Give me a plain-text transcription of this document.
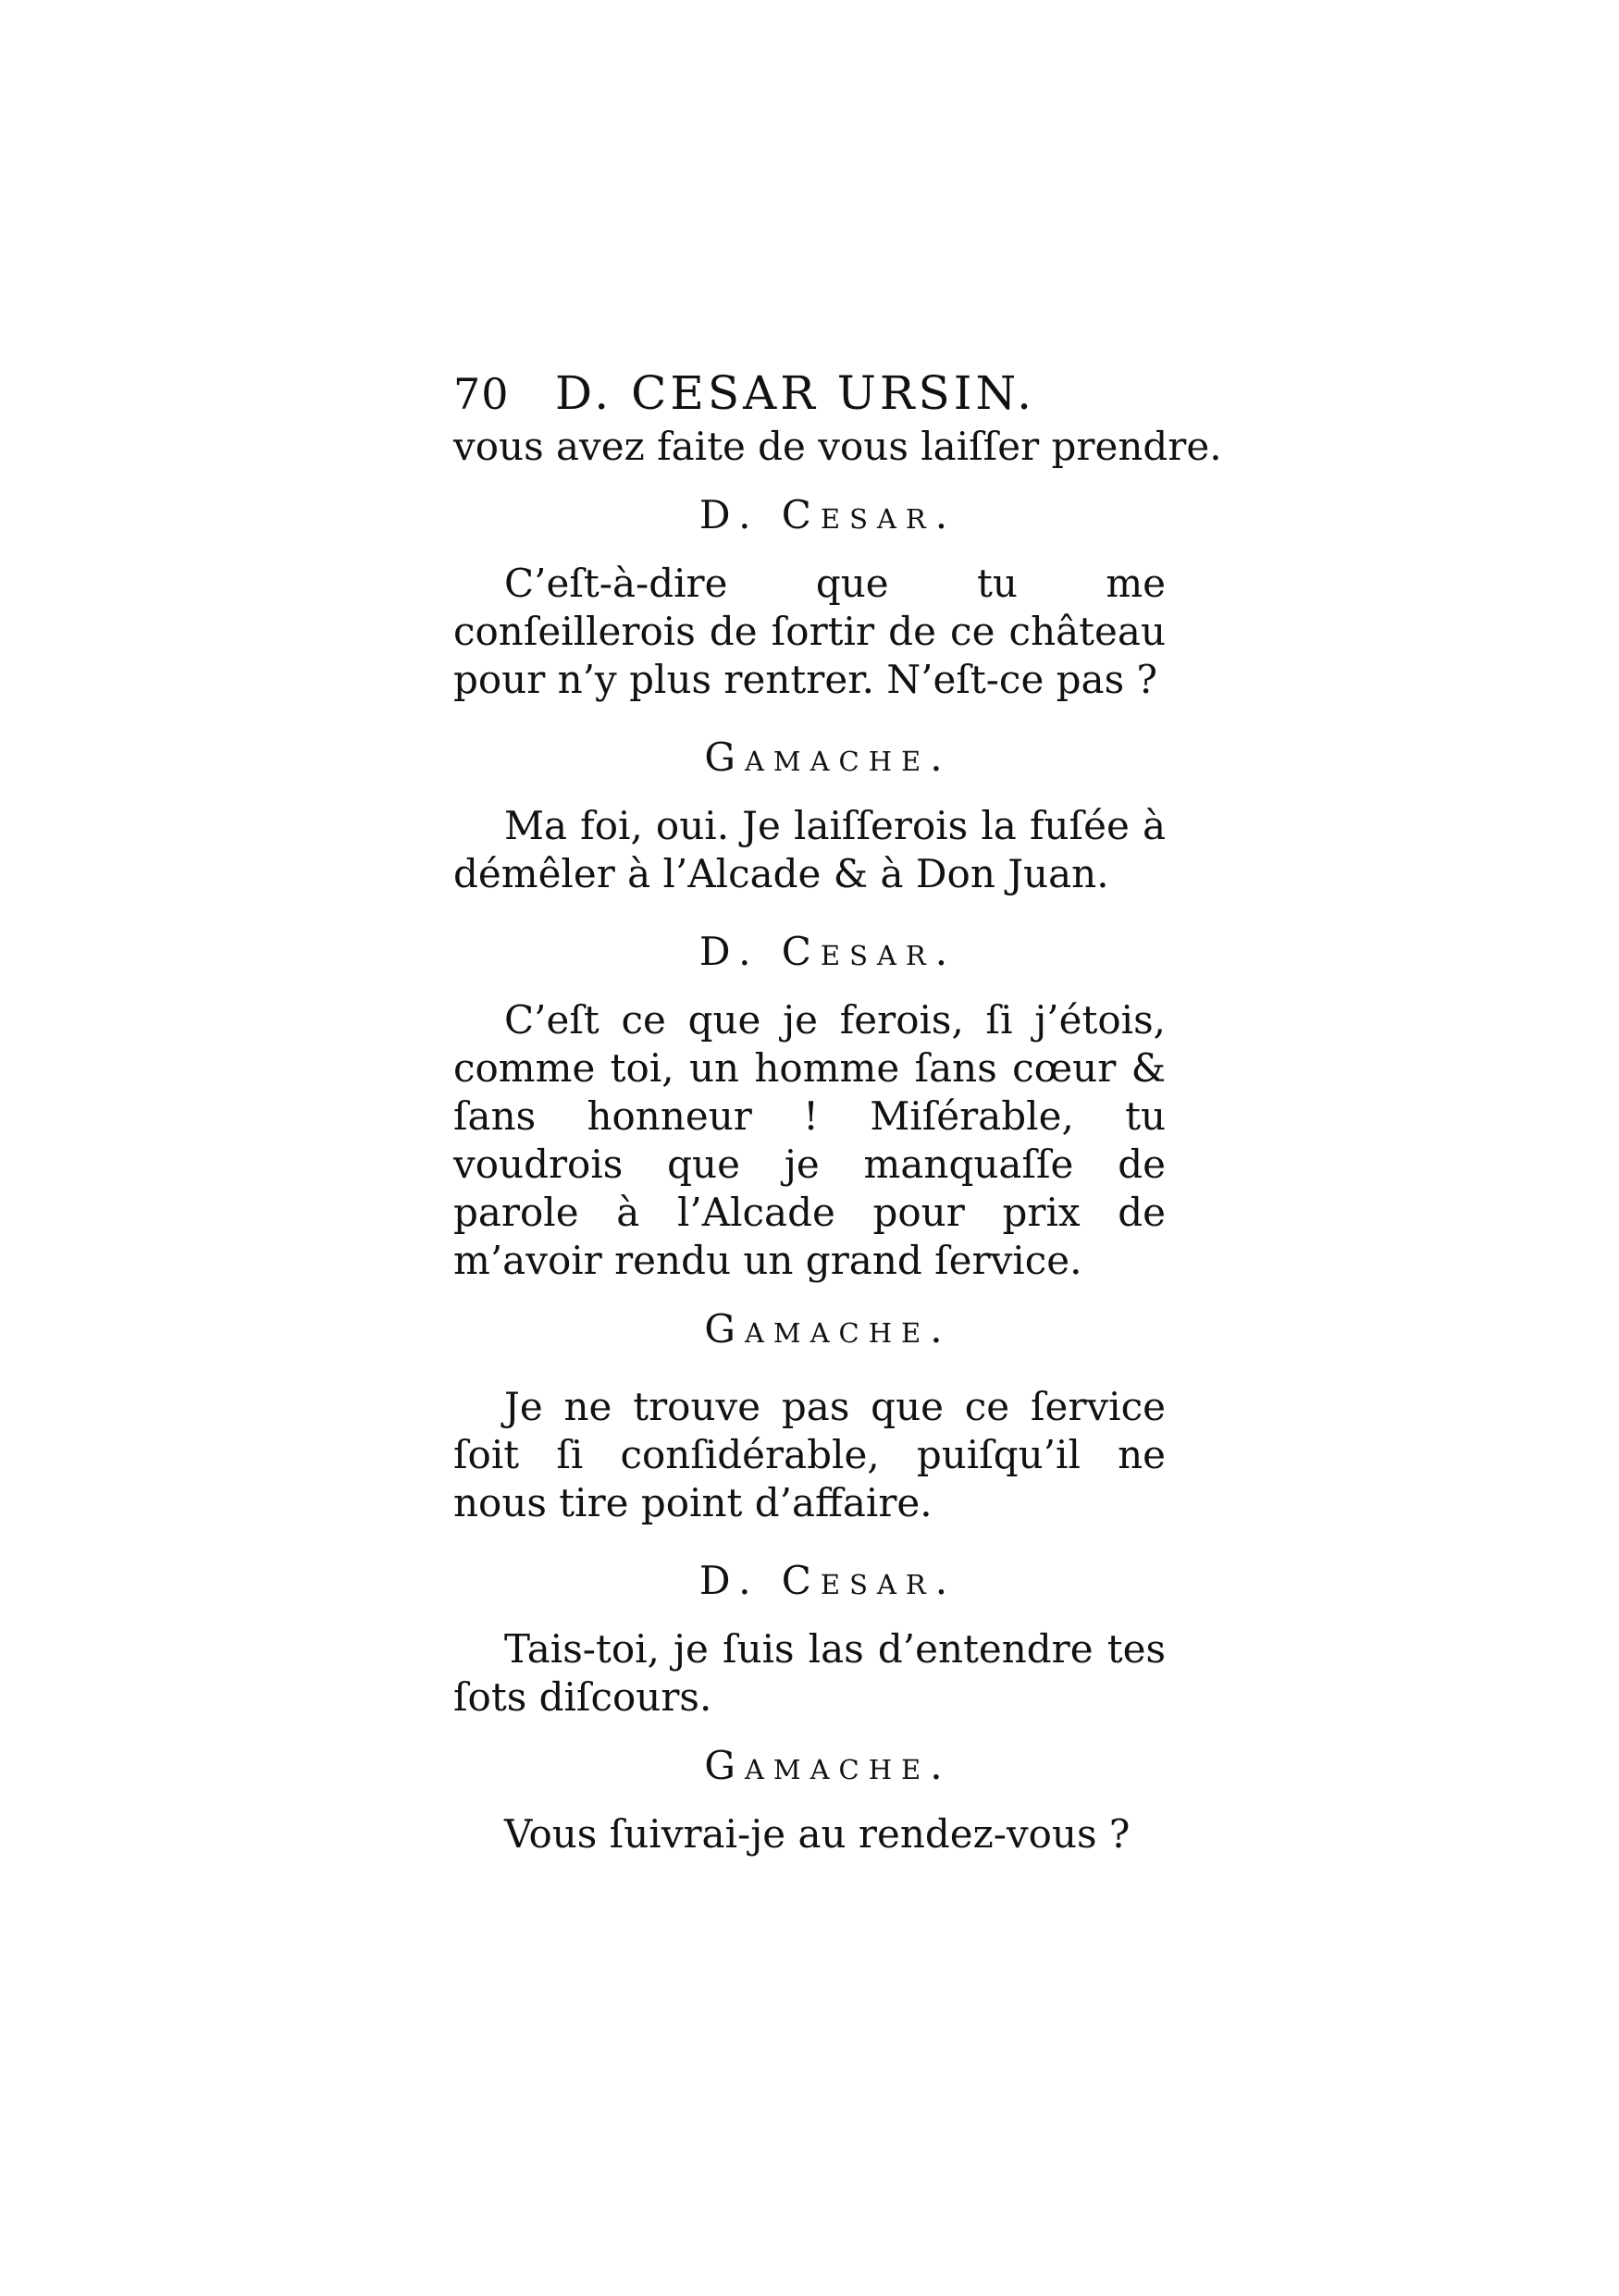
70 D. CESAR URSIN.
vous avez faite de vous laiſſer prendre.
D. Cesar.
C’eſt-à-dire que tu me conſeillerois de ſortir de ce château pour n’y plus rentrer. N’eſt-ce pas ?
Gamache.
Ma foi, oui. Je laiſſerois la fuſée à démêler à l’Alcade & à Don Juan.
D. Cesar.
C’eſt ce que je ferois, ſi j’étois, comme toi, un homme ſans cœur & ſans honneur ! Miſérable, tu voudrois que je manquaſſe de parole à l’Alcade pour prix de m’avoir rendu un grand ſervice.
Gamache.
Je ne trouve pas que ce ſervice ſoit ſi conſidérable, puiſqu’il ne nous tire point d’affaire.
D. Cesar.
Tais-toi, je ſuis las d’entendre tes ſots diſcours.
Gamache.
Vous ſuivrai-je au rendez-vous ?
